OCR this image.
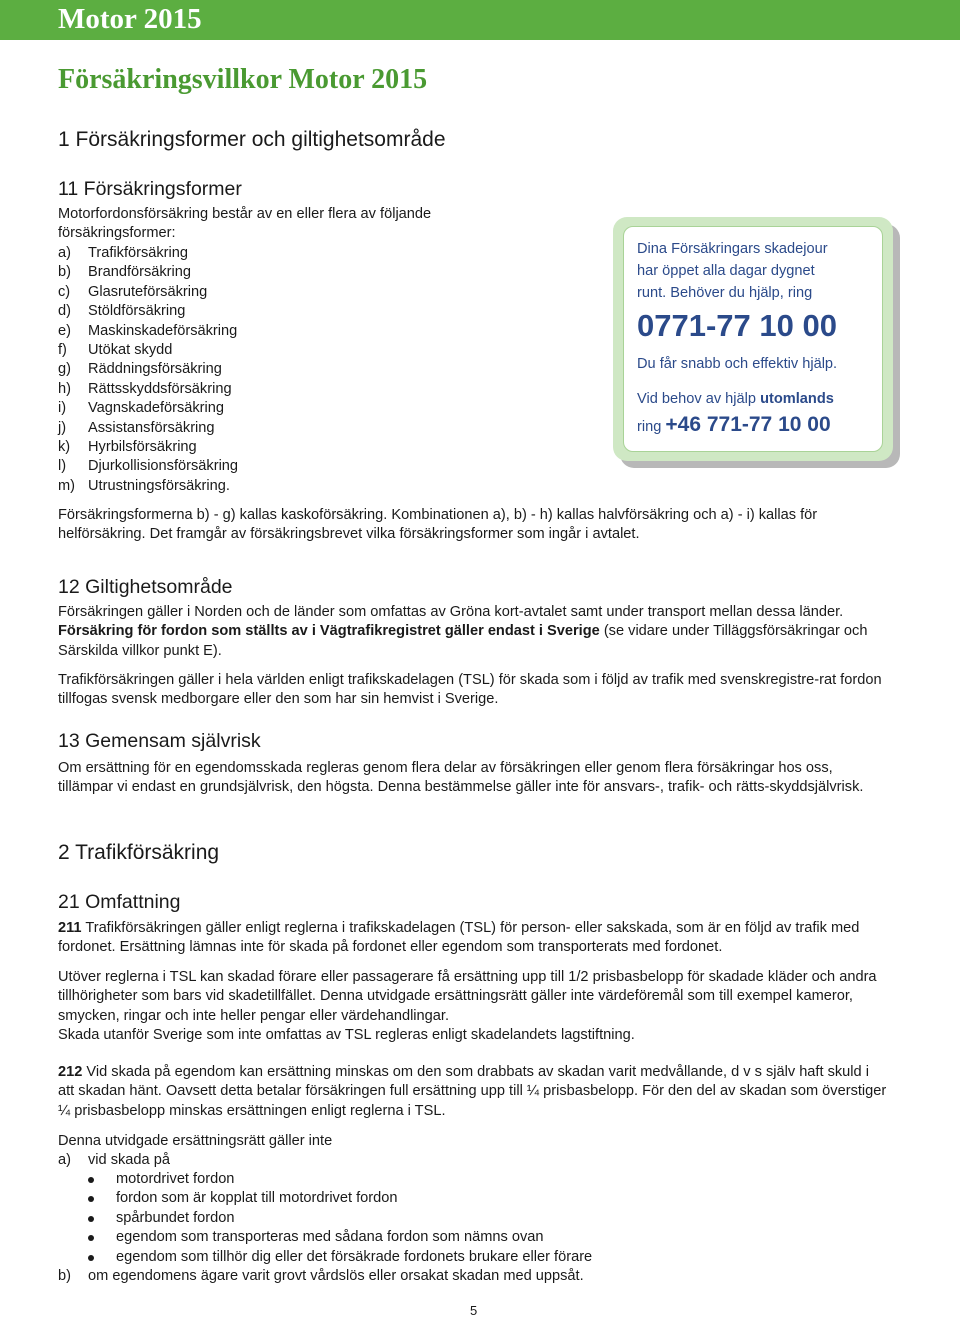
Motor 2015
Försäkringsvillkor Motor 2015
1 Försäkringsformer och giltighetsområde
11 Försäkringsformer

Motorfordonsförsäkring består av en eller flera av följande
försäkringsformer:

a) Trafikförsäkring
b) Brandförsäkring
c) Glasruteförsäkring
d) Stöldförsäkring
e) Maskinskadeförsäkring
f) Utökat skydd
g) Räddningsförsäkring
h) Rättsskyddsförsäkring
i) Vagnskadeförsäkring
j) Assistansförsäkring
k) Hyrbilsförsäkring
l) Djurkollisionsförsäkring
m) Utrustningsförsäkring.

Dina Försäkringars skadejour
har öppet alla dagar dygnet
runt. Behöver du hjälp, ring

0771-77 10 00
Du får snabb och effektiv hjälp.
Vid behov av hjälp utomlands
ring +46 771-77 10 00

Försäkringsformerna b) - g) kallas kaskoförsäkring. Kombinationen a), b) - h) kallas halvförsäkring och a) - i) kallas för helförsäkring. Det framgår av försäkringsbrevet vilka försäkringsformer som ingår i avtalet.

12 Giltighetsområde

Försäkringen gäller i Norden och de länder som omfattas av Gröna kort-avtalet samt under transport mellan dessa länder. Försäkring för fordon som ställts av i Vägtrafikregistret gäller endast i Sverige (se vidare under Tilläggsförsäkringar och Särskilda villkor punkt E).

Trafikförsäkringen gäller i hela världen enligt trafikskadelagen (TSL) för skada som i följd av trafik med svenskregistre-rat fordon tillfogas svensk medborgare eller den som har sin hemvist i Sverige.

13 Gemensam självrisk

Om ersättning för en egendomsskada regleras genom flera delar av försäkringen eller genom flera försäkringar hos oss, tillämpar vi endast en grundsjälvrisk, den högsta. Denna bestämmelse gäller inte för ansvars-, trafik- och rätts-skyddsjälvrisk.

2 Trafikförsäkring
21 Omfattning

211 Trafikförsäkringen gäller enligt reglerna i trafikskadelagen (TSL) för person- eller sakskada, som är en följd av trafik med fordonet. Ersättning lämnas inte för skada på fordonet eller egendom som transporterats med fordonet.

Utöver reglerna i TSL kan skadad förare eller passagerare få ersättning upp till 1/2 prisbasbelopp för skadade kläder och andra tillhörigheter som bars vid skadetillfället. Denna utvidgade ersättningsrätt gäller inte värdeföremål som till exempel kameror, smycken, ringar och inte heller pengar eller värdehandlingar.

Skada utanför Sverige som inte omfattas av TSL regleras enligt skadelandets lagstiftning.

212 Vid skada på egendom kan ersättning minskas om den som drabbats av skadan varit medvållande, d v s själv haft skuld i att skadan hänt. Oavsett detta betalar försäkringen full ersättning upp till ¼ prisbasbelopp. För den del av skadan som överstiger ¼ prisbasbelopp minskas ersättningen enligt reglerna i TSL.

Denna utvidgade ersättningsrätt gäller inte

a) vid skada på
motordrivet fordon
fordon som är kopplat till motordrivet fordon
spårbundet fordon
egendom som transporteras med sådana fordon som nämns ovan
egendom som tillhör dig eller det försäkrade fordonets brukare eller förare
b) om egendomens ägare varit grovt vårdslös eller orsakat skadan med uppsåt.
5
